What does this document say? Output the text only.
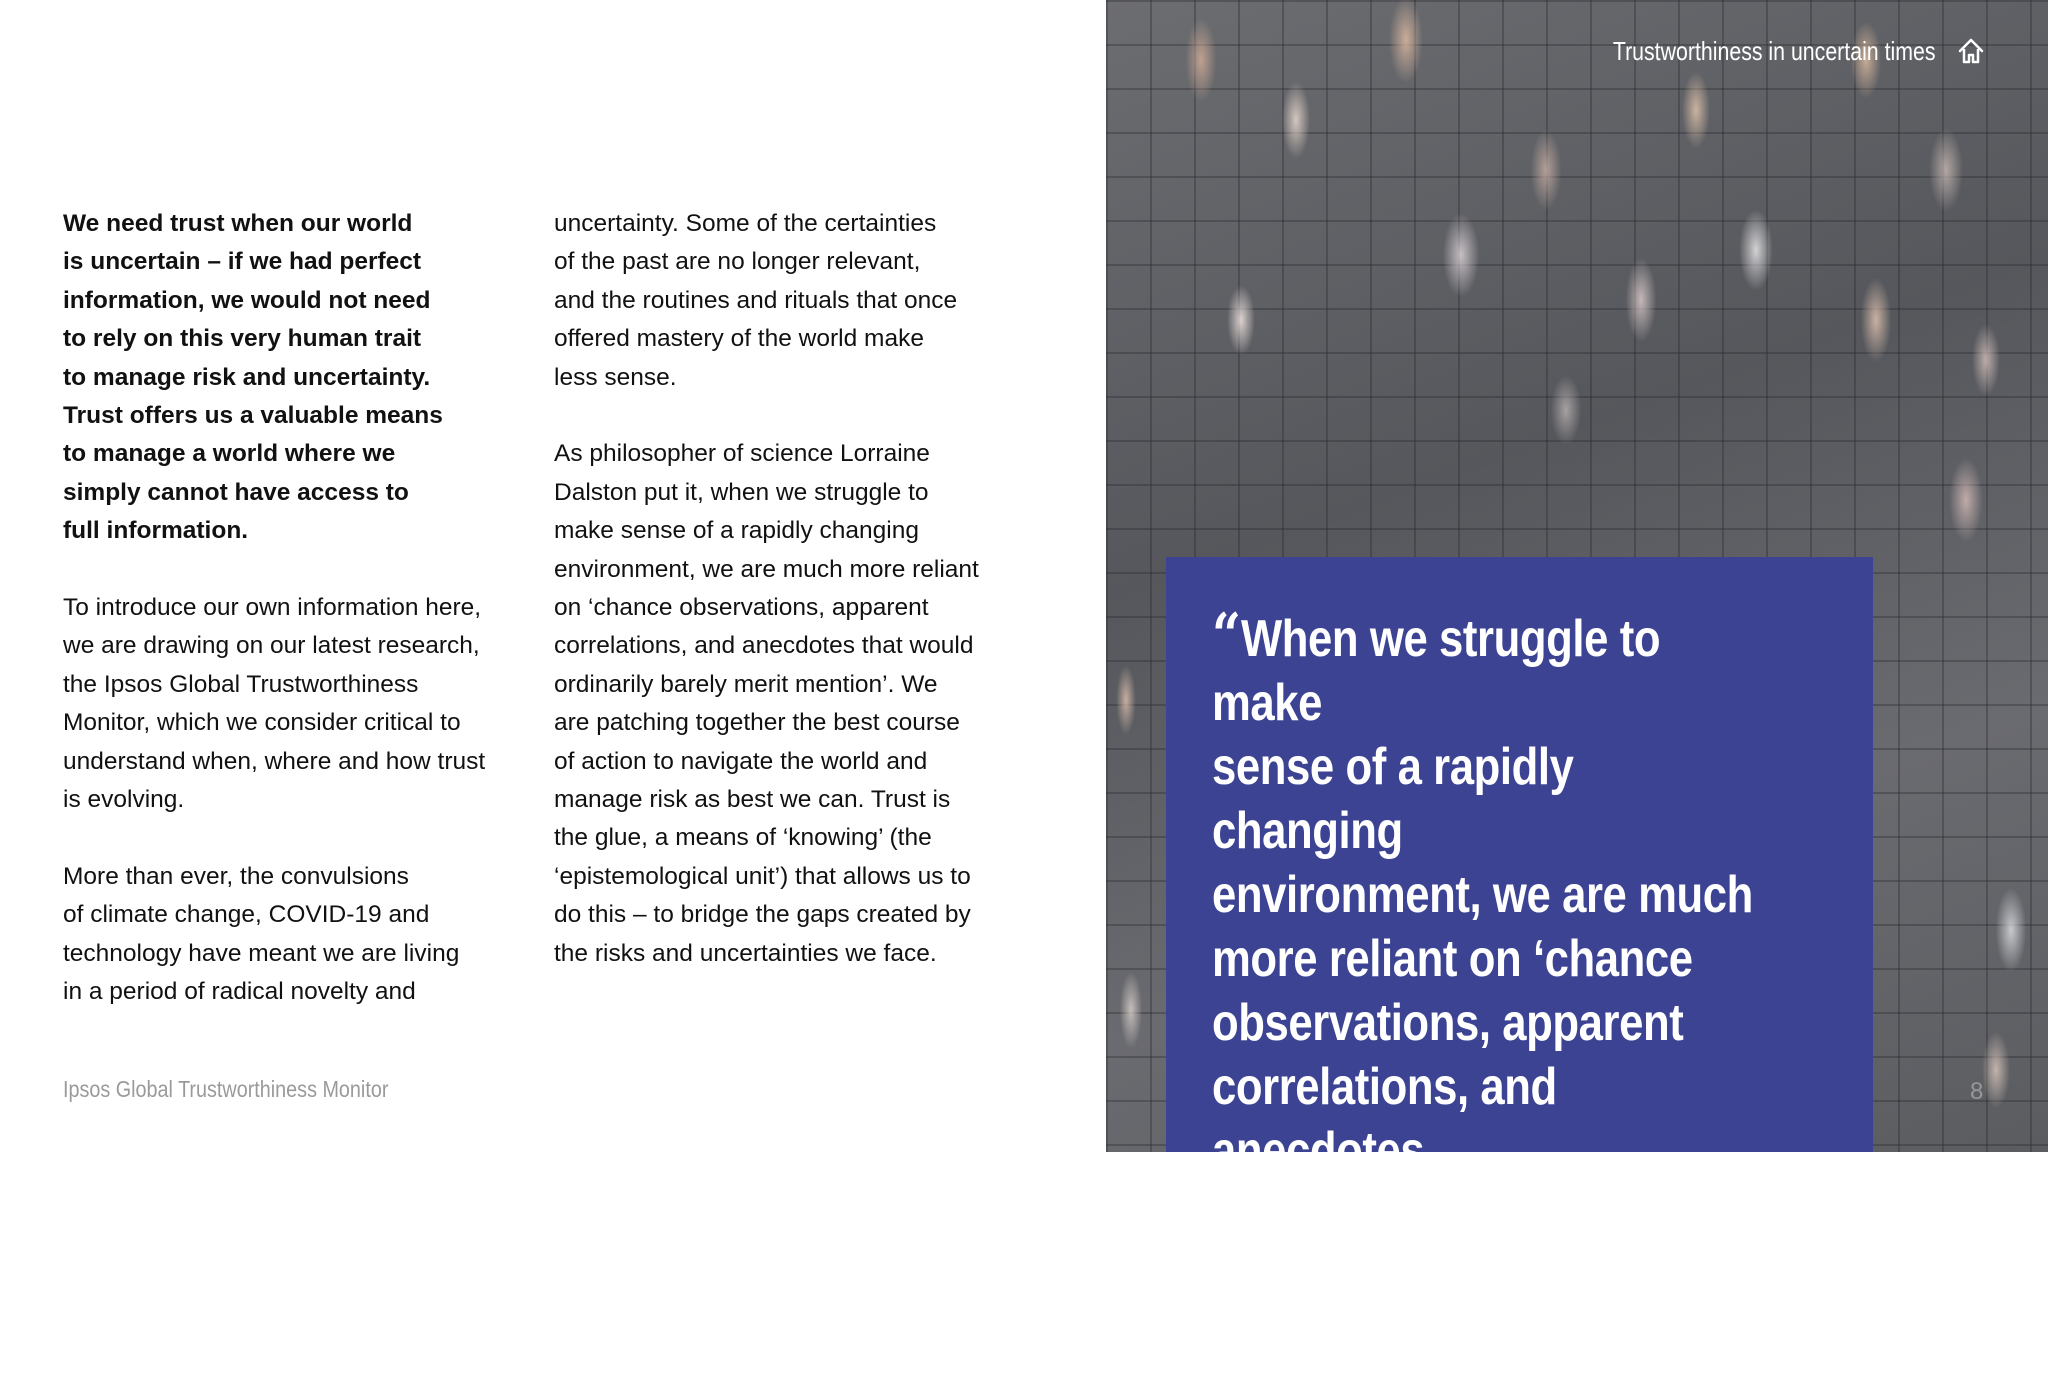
We need trust when our world
is uncertain – if we had perfect
information, we would not need
to rely on this very human trait
to manage risk and uncertainty.
Trust offers us a valuable means
to manage a world where we
simply cannot have access to
full information.

To introduce our own information here,
we are drawing on our latest research,
the Ipsos Global Trustworthiness
Monitor, which we consider critical to
understand when, where and how trust
is evolving.

More than ever, the convulsions
of climate change, COVID-19 and
technology have meant we are living
in a period of radical novelty and

uncertainty. Some of the certainties
of the past are no longer relevant,
and the routines and rituals that once
offered mastery of the world make
less sense.

As philosopher of science Lorraine
Dalston put it, when we struggle to
make sense of a rapidly changing
environment, we are much more reliant
on ‘chance observations, apparent
correlations, and anecdotes that would
ordinarily barely merit mention’. We
are patching together the best course
of action to navigate the world and
manage risk as best we can. Trust is
the glue, a means of ‘knowing’ (the
‘epistemological unit’) that allows us to
do this – to bridge the gaps created by
the risks and uncertainties we face.

Ipsos Global Trustworthiness Monitor
Trustworthiness in uncertain times

“ When we struggle to make
sense of a rapidly changing
environment, we are much
more reliant on ‘chance
observations, apparent
correlations, and anecdotes
that would ordinarily barely
merit mention’”

8
